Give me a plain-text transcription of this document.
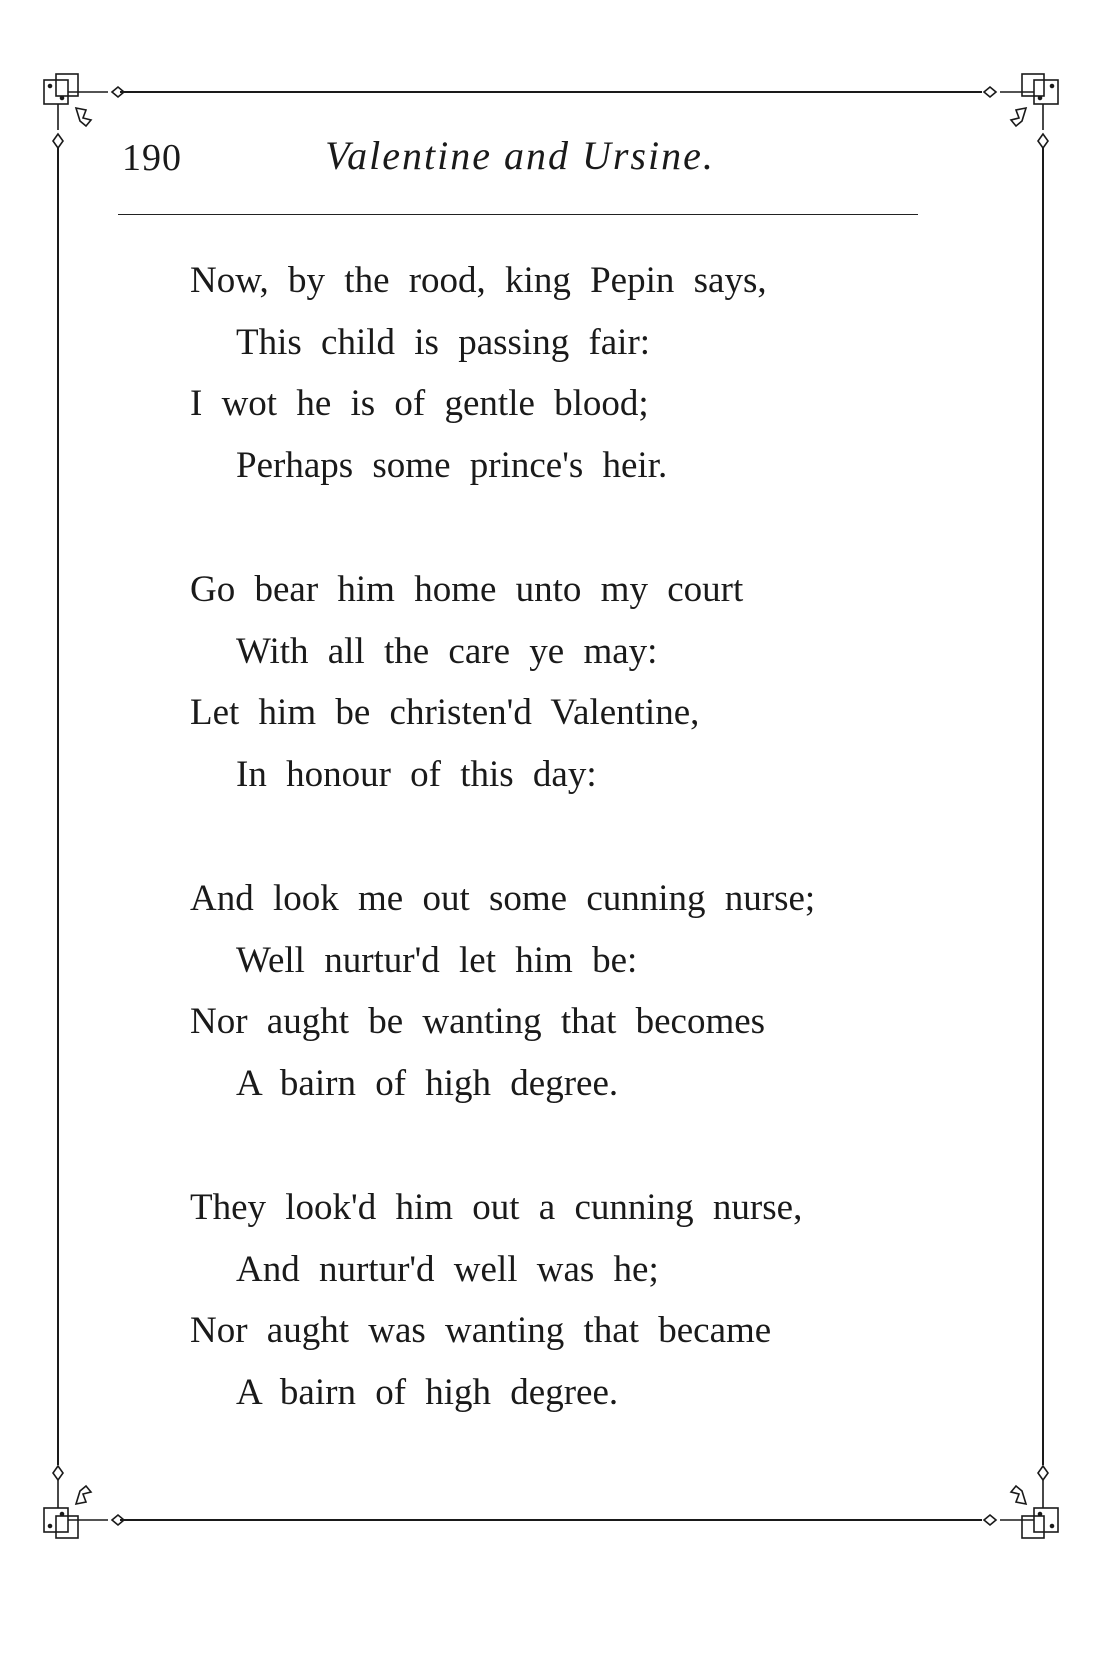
190	Valentine and Ursine.
Now, by the rood, king Pepin says,
This child is passing fair:
I wot he is of gentle blood;
Perhaps some prince's heir.
Go bear him home unto my court
With all the care ye may:
Let him be christen'd Valentine,
In honour of this day:
And look me out some cunning nurse;
Well nurtur'd let him be:
Nor aught be wanting that becomes
A bairn of high degree.
They look'd him out a cunning nurse,
And nurtur'd well was he;
Nor aught was wanting that became
A bairn of high degree.
